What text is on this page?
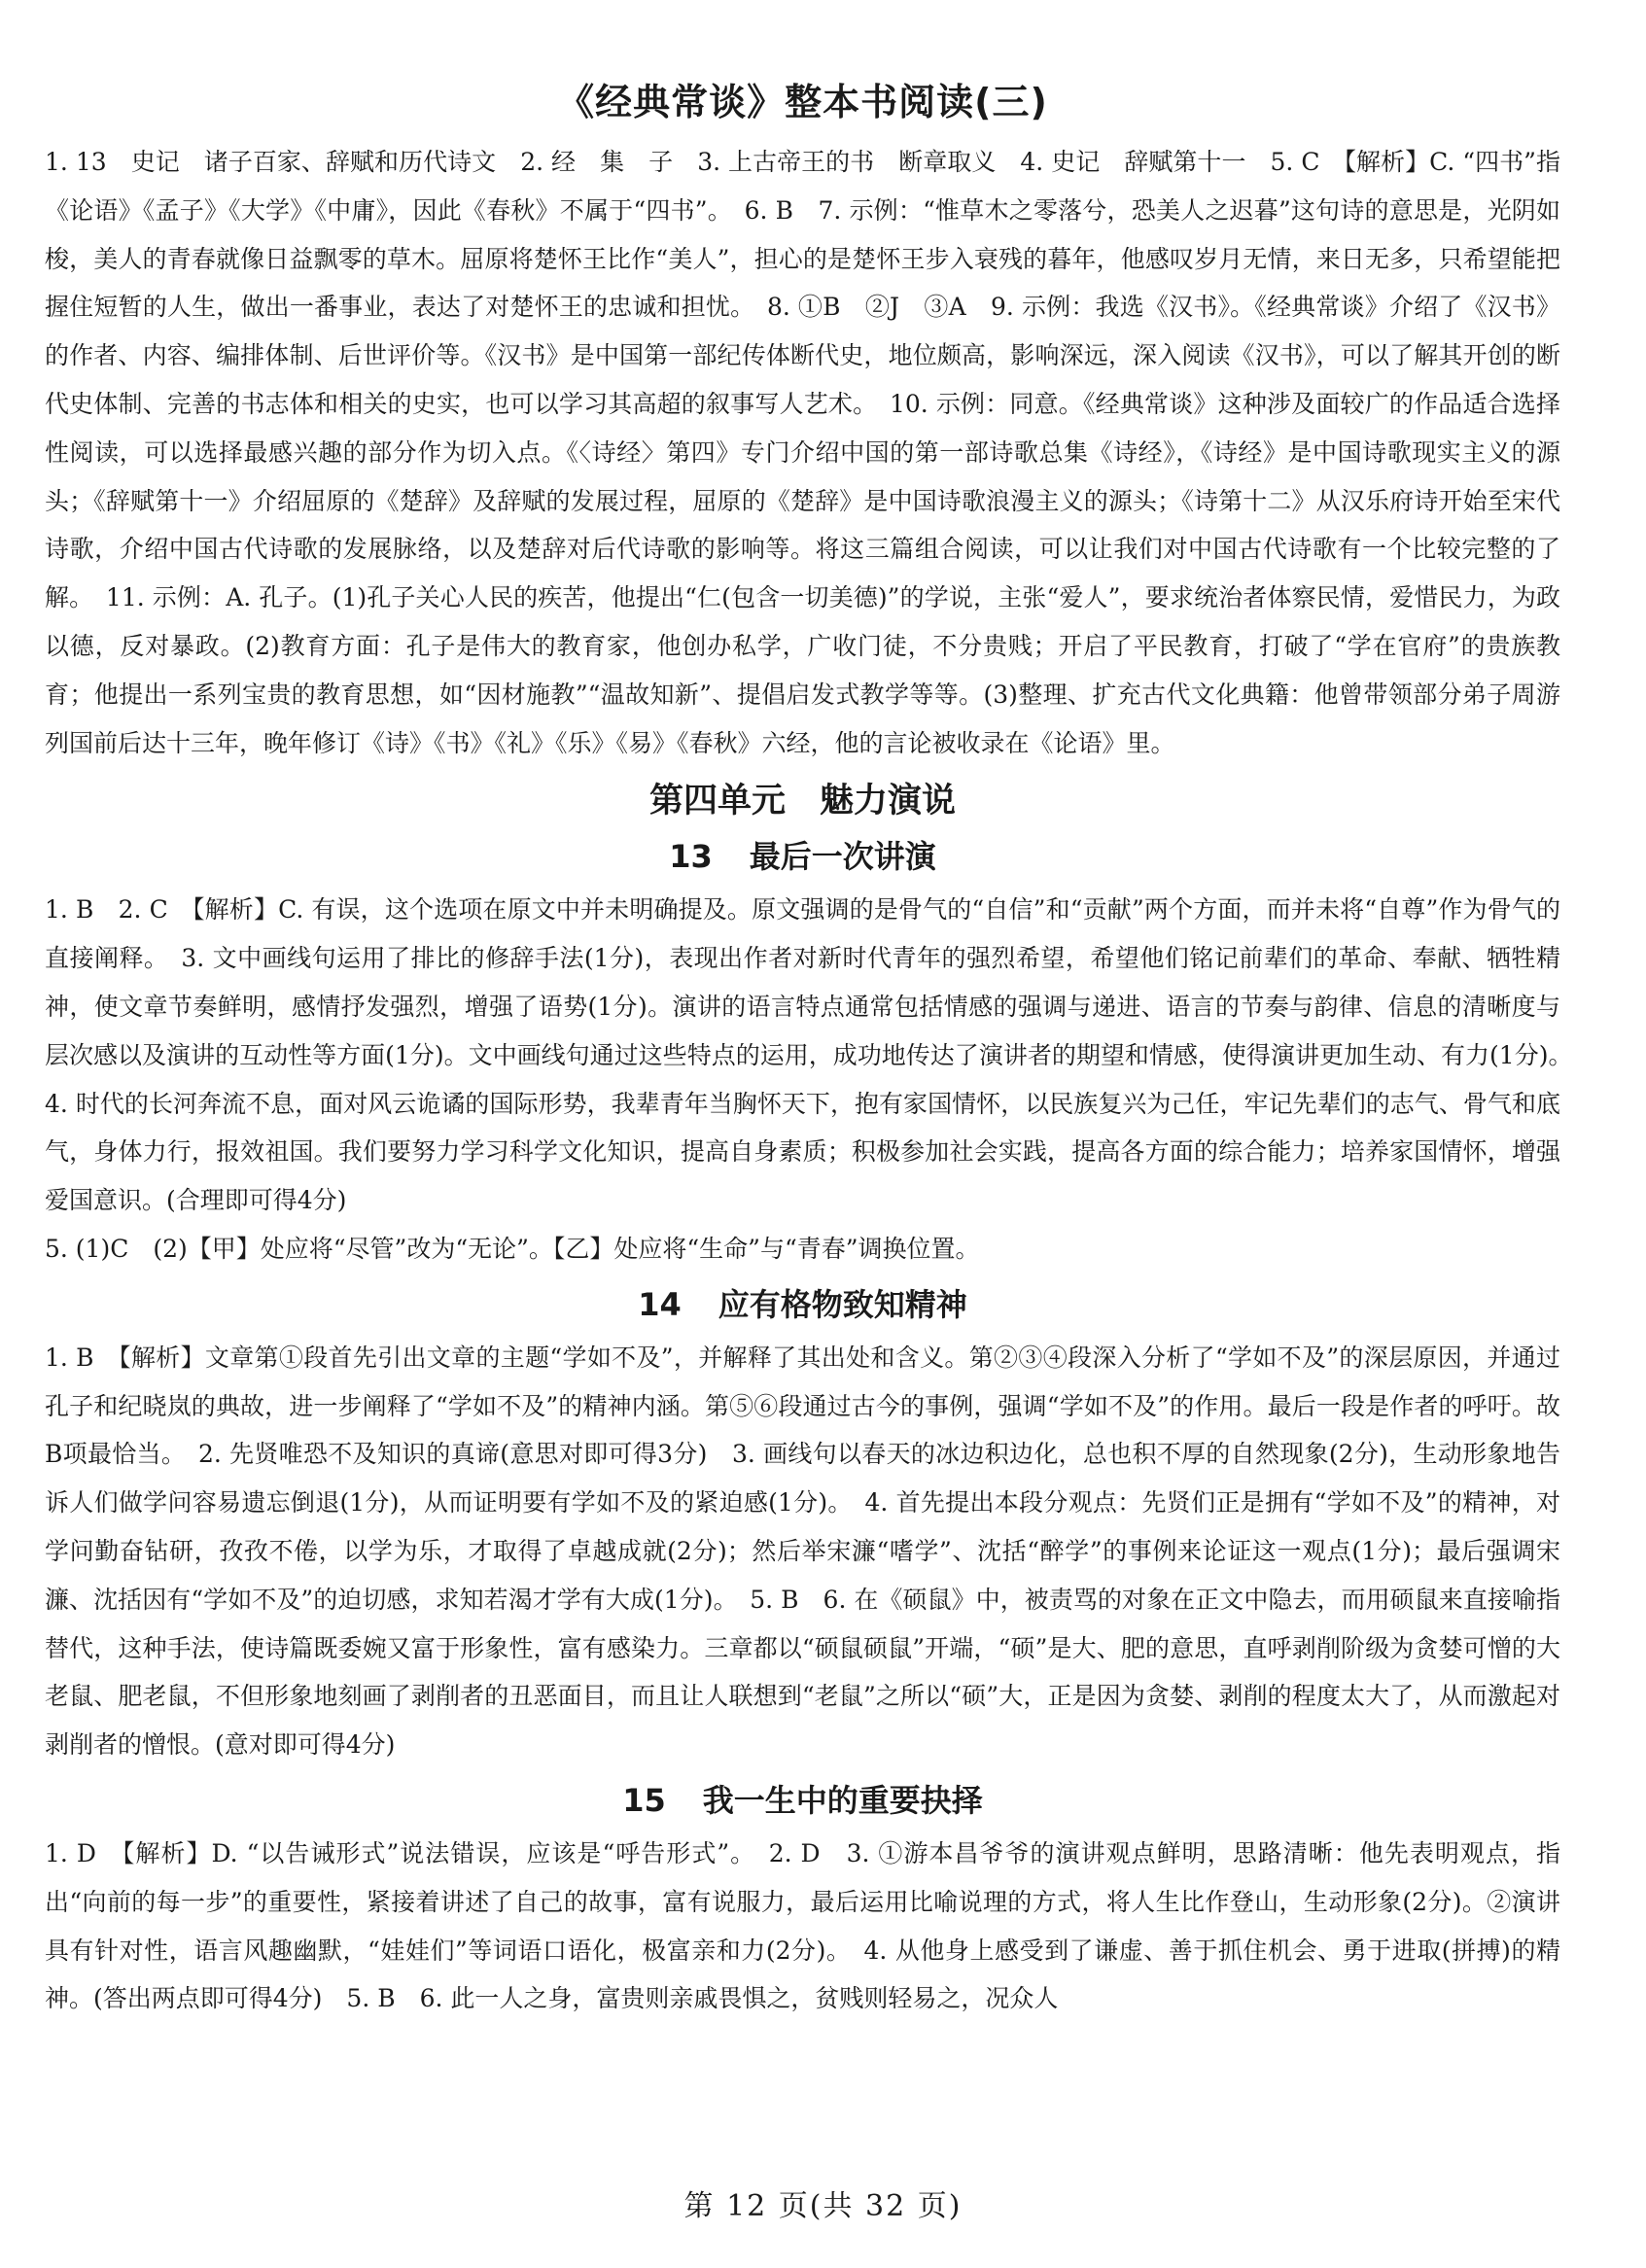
《经典常谈》整本书阅读(三)

1. 13　史记　诸子百家、辞赋和历代诗文　2. 经　集　子　3. 上古帝王的书　断章取义　4. 史记　辞赋第十一　5. C　【解析】C. “四书”指《论语》《孟子》《大学》《中庸》，因此《春秋》不属于“四书”。　6. B　7. 示例：“惟草木之零落兮，恐美人之迟暮”这句诗的意思是，光阴如梭，美人的青春就像日益飘零的草木。屈原将楚怀王比作“美人”，担心的是楚怀王步入衰残的暮年，他感叹岁月无情，来日无多，只希望能把握住短暂的人生，做出一番事业，表达了对楚怀王的忠诚和担忧。　8. ①B　②J　③A　9. 示例：我选《汉书》。《经典常谈》介绍了《汉书》的作者、内容、编排体制、后世评价等。《汉书》是中国第一部纪传体断代史，地位颇高，影响深远，深入阅读《汉书》，可以了解其开创的断代史体制、完善的书志体和相关的史实，也可以学习其高超的叙事写人艺术。　10. 示例：同意。《经典常谈》这种涉及面较广的作品适合选择性阅读，可以选择最感兴趣的部分作为切入点。《〈诗经〉第四》专门介绍中国的第一部诗歌总集《诗经》，《诗经》是中国诗歌现实主义的源头；《辞赋第十一》介绍屈原的《楚辞》及辞赋的发展过程，屈原的《楚辞》是中国诗歌浪漫主义的源头；《诗第十二》从汉乐府诗开始至宋代诗歌，介绍中国古代诗歌的发展脉络，以及楚辞对后代诗歌的影响等。将这三篇组合阅读，可以让我们对中国古代诗歌有一个比较完整的了解。　11. 示例：A. 孔子。(1)孔子关心人民的疾苦，他提出“仁(包含一切美德)”的学说，主张“爱人”，要求统治者体察民情，爱惜民力，为政以德，反对暴政。(2)教育方面：孔子是伟大的教育家，他创办私学，广收门徒，不分贵贱；开启了平民教育，打破了“学在官府”的贵族教育；他提出一系列宝贵的教育思想，如“因材施教”“温故知新”、提倡启发式教学等等。(3)整理、扩充古代文化典籍：他曾带领部分弟子周游列国前后达十三年，晚年修订《诗》《书》《礼》《乐》《易》《春秋》六经，他的言论被收录在《论语》里。

第四单元　魅力演说
13 最后一次讲演

1. B　2. C　【解析】C. 有误，这个选项在原文中并未明确提及。原文强调的是骨气的“自信”和“贡献”两个方面，而并未将“自尊”作为骨气的直接阐释。　3. 文中画线句运用了排比的修辞手法(1分)，表现出作者对新时代青年的强烈希望，希望他们铭记前辈们的革命、奉献、牺牲精神，使文章节奏鲜明，感情抒发强烈，增强了语势(1分)。演讲的语言特点通常包括情感的强调与递进、语言的节奏与韵律、信息的清晰度与层次感以及演讲的互动性等方面(1分)。文中画线句通过这些特点的运用，成功地传达了演讲者的期望和情感，使得演讲更加生动、有力(1分)。　4. 时代的长河奔流不息，面对风云诡谲的国际形势，我辈青年当胸怀天下，抱有家国情怀，以民族复兴为己任，牢记先辈们的志气、骨气和底气，身体力行，报效祖国。我们要努力学习科学文化知识，提高自身素质；积极参加社会实践，提高各方面的综合能力；培养家国情怀，增强爱国意识。(合理即可得4分)

5. (1)C　(2)【甲】处应将“尽管”改为“无论”。【乙】处应将“生命”与“青春”调换位置。

14 应有格物致知精神

1. B　【解析】文章第①段首先引出文章的主题“学如不及”，并解释了其出处和含义。第②③④段深入分析了“学如不及”的深层原因，并通过孔子和纪晓岚的典故，进一步阐释了“学如不及”的精神内涵。第⑤⑥段通过古今的事例，强调“学如不及”的作用。最后一段是作者的呼吁。故B项最恰当。　2. 先贤唯恐不及知识的真谛(意思对即可得3分)　3. 画线句以春天的冰边积边化，总也积不厚的自然现象(2分)，生动形象地告诉人们做学问容易遗忘倒退(1分)，从而证明要有学如不及的紧迫感(1分)。　4. 首先提出本段分观点：先贤们正是拥有“学如不及”的精神，对学问勤奋钻研，孜孜不倦，以学为乐，才取得了卓越成就(2分)；然后举宋濂“嗜学”、沈括“醉学”的事例来论证这一观点(1分)；最后强调宋濂、沈括因有“学如不及”的迫切感，求知若渴才学有大成(1分)。　5. B　6. 在《硕鼠》中，被责骂的对象在正文中隐去，而用硕鼠来直接喻指替代，这种手法，使诗篇既委婉又富于形象性，富有感染力。三章都以“硕鼠硕鼠”开端，“硕”是大、肥的意思，直呼剥削阶级为贪婪可憎的大老鼠、肥老鼠，不但形象地刻画了剥削者的丑恶面目，而且让人联想到“老鼠”之所以“硕”大，正是因为贪婪、剥削的程度太大了，从而激起对剥削者的憎恨。(意对即可得4分)

15 我一生中的重要抉择

1. D　【解析】D. “以告诫形式”说法错误，应该是“呼告形式”。　2. D　3. ①游本昌爷爷的演讲观点鲜明，思路清晰：他先表明观点，指出“向前的每一步”的重要性，紧接着讲述了自己的故事，富有说服力，最后运用比喻说理的方式，将人生比作登山，生动形象(2分)。②演讲具有针对性，语言风趣幽默，“娃娃们”等词语口语化，极富亲和力(2分)。　4. 从他身上感受到了谦虚、善于抓住机会、勇于进取(拼搏)的精神。(答出两点即可得4分)　5. B　6. 此一人之身，富贵则亲戚畏惧之，贫贱则轻易之，况众人

第 12 页(共 32 页)
